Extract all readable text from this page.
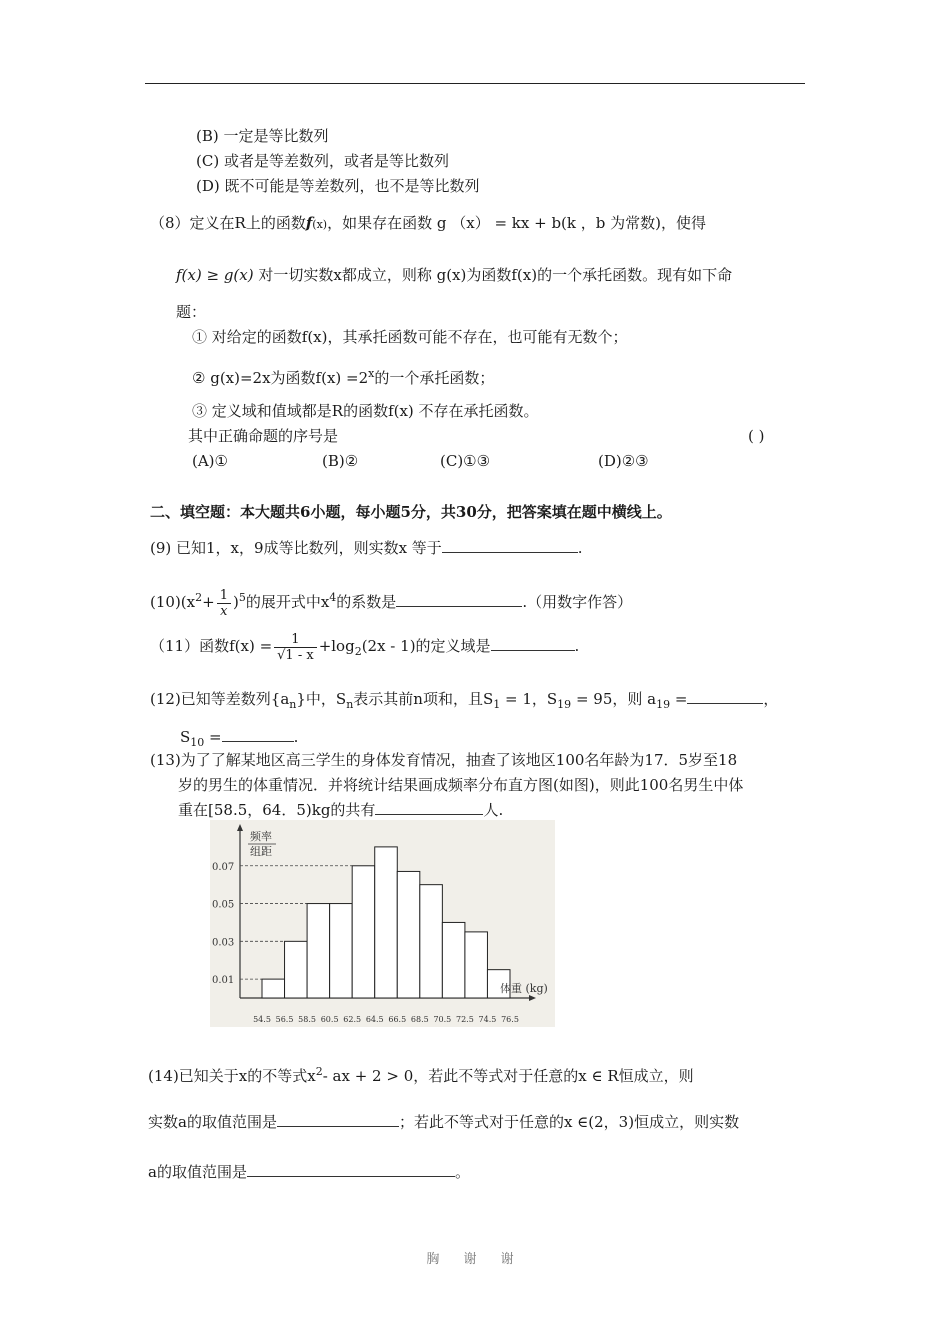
(B) 一定是等比数列
(C) 或者是等差数列，或者是等比数列
(D) 既不可能是等差数列，也不是等比数列
（8）定义在R上的函数f(x)，如果存在函数 g （x） = kx + b(k ，b 为常数)，使得
f(x) ≥ g(x) 对一切实数x都成立，则称 g(x)为函数f(x)的一个承托函数。现有如下命
题：
① 对给定的函数f(x)，其承托函数可能不存在，也可能有无数个；
② g(x)=2x为函数$f(x) =2^x$的一个承托函数；
③ 定义域和值域都是R的函数f(x) 不存在承托函数。
其中正确命题的序号是	( )
(A)①	(B)②	(C)①③	(D)②③
二、填空题：本大题共6小题，每小题5分，共30分，把答案填在题中横线上。
(9) 已知1，x，9成等比数列，则实数x 等于	.
$(10)(x^2+ \frac{1}{x} )^5$的展开式中$x^4$的系数是	.（用数字作答）
（11）函数$f(x) = \frac{1}{√1 - x} +\log_2(2x - 1)$的定义域是	.
(12)已知等差数列$\{a_n\}$中，$S_n$表示其前n项和，且$S_1 = 1$，$S_{19} = 95$，则 $a_{19}$ =	，
$S_{10}$ =	.
(13)为了了解某地区高三学生的身体发育情况，抽查了该地区100名年龄为17．5岁至18
岁的男生的体重情况．并将统计结果画成频率分布直方图(如图)，则此100名男生中体
重在[58.5，64．5)kg的共有	人.
频率
组距
0.01
0.03
0.05
0.07
54.5 56.5 58.5 60.5 62.5 64.5 66.5 68.5 70.5 72.5 74.5 76.5
体重 (kg)
(14)已知关于x的不等式$x^2-$ ax + 2 > 0，若此不等式对于任意的x ∈ R恒成立，则
实数a的取值范围是	；若此不等式对于任意的x ∈(2，3)恒成立，则实数
a的取值范围是	。
胸 谢 谢
